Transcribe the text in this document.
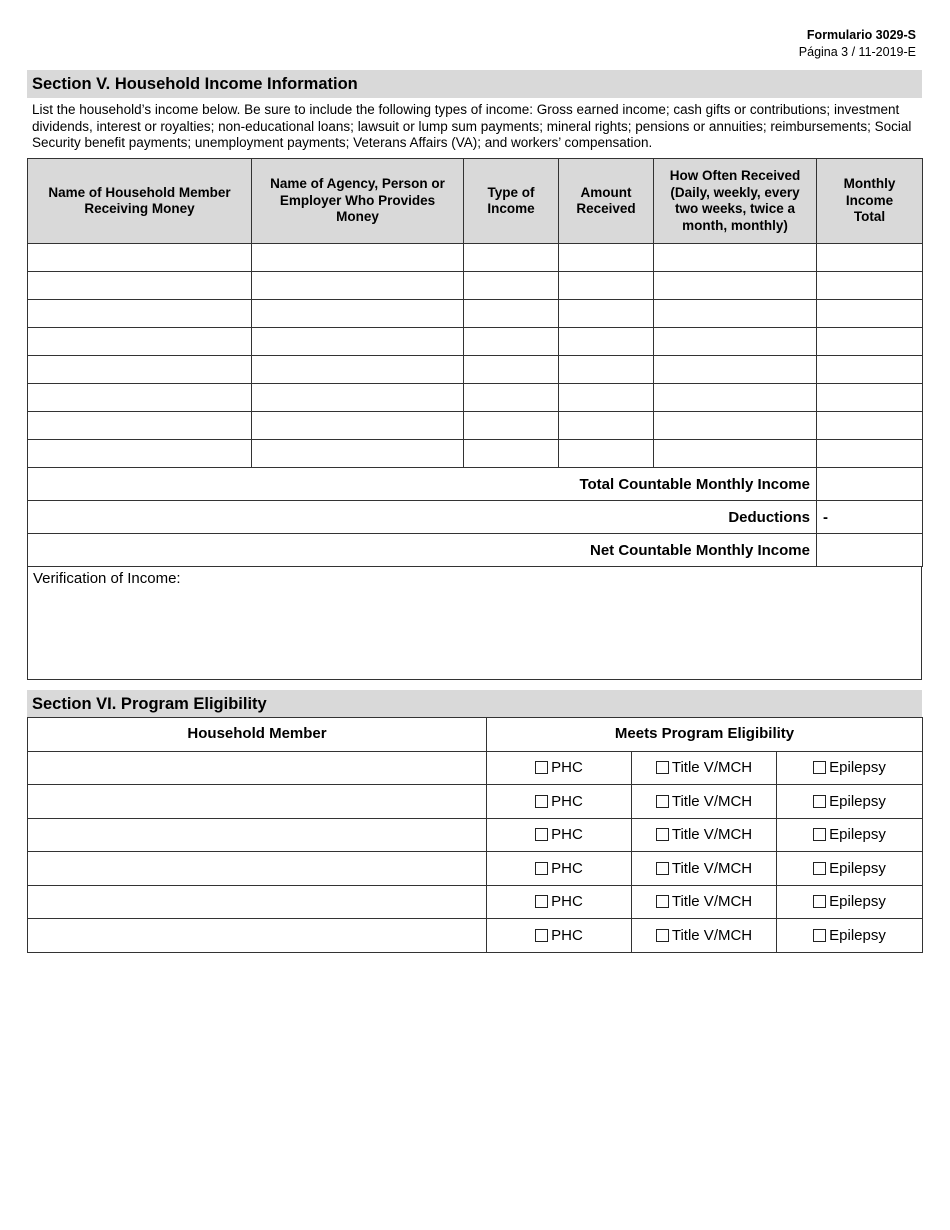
Formulario 3029-S
Página 3 / 11-2019-E
Section V. Household Income Information
List the household’s income below. Be sure to include the following types of income: Gross earned income; cash gifts or contributions; investment dividends, interest or royalties; non-educational loans; lawsuit or lump sum payments; mineral rights; pensions or annuities; reimbursements; Social Security benefit payments; unemployment payments; Veterans Affairs (VA); and workers’ compensation.
Name of Household Member Receiving Money	Name of Agency, Person or Employer Who Provides Money	Type of Income	Amount Received	How Often Received (Daily, weekly, every two weeks, twice a month, monthly)	Monthly Income Total

Total Countable Monthly Income					
Deductions					-
Net Countable Monthly Income					
Verification of Income:
Section VI. Program Eligibility
Household Member	Meets Program Eligibility		

	PHC	Title V/MCH	Epilepsy

	PHC	Title V/MCH	Epilepsy

	PHC	Title V/MCH	Epilepsy

	PHC	Title V/MCH	Epilepsy

	PHC	Title V/MCH	Epilepsy

	PHC	Title V/MCH	Epilepsy
